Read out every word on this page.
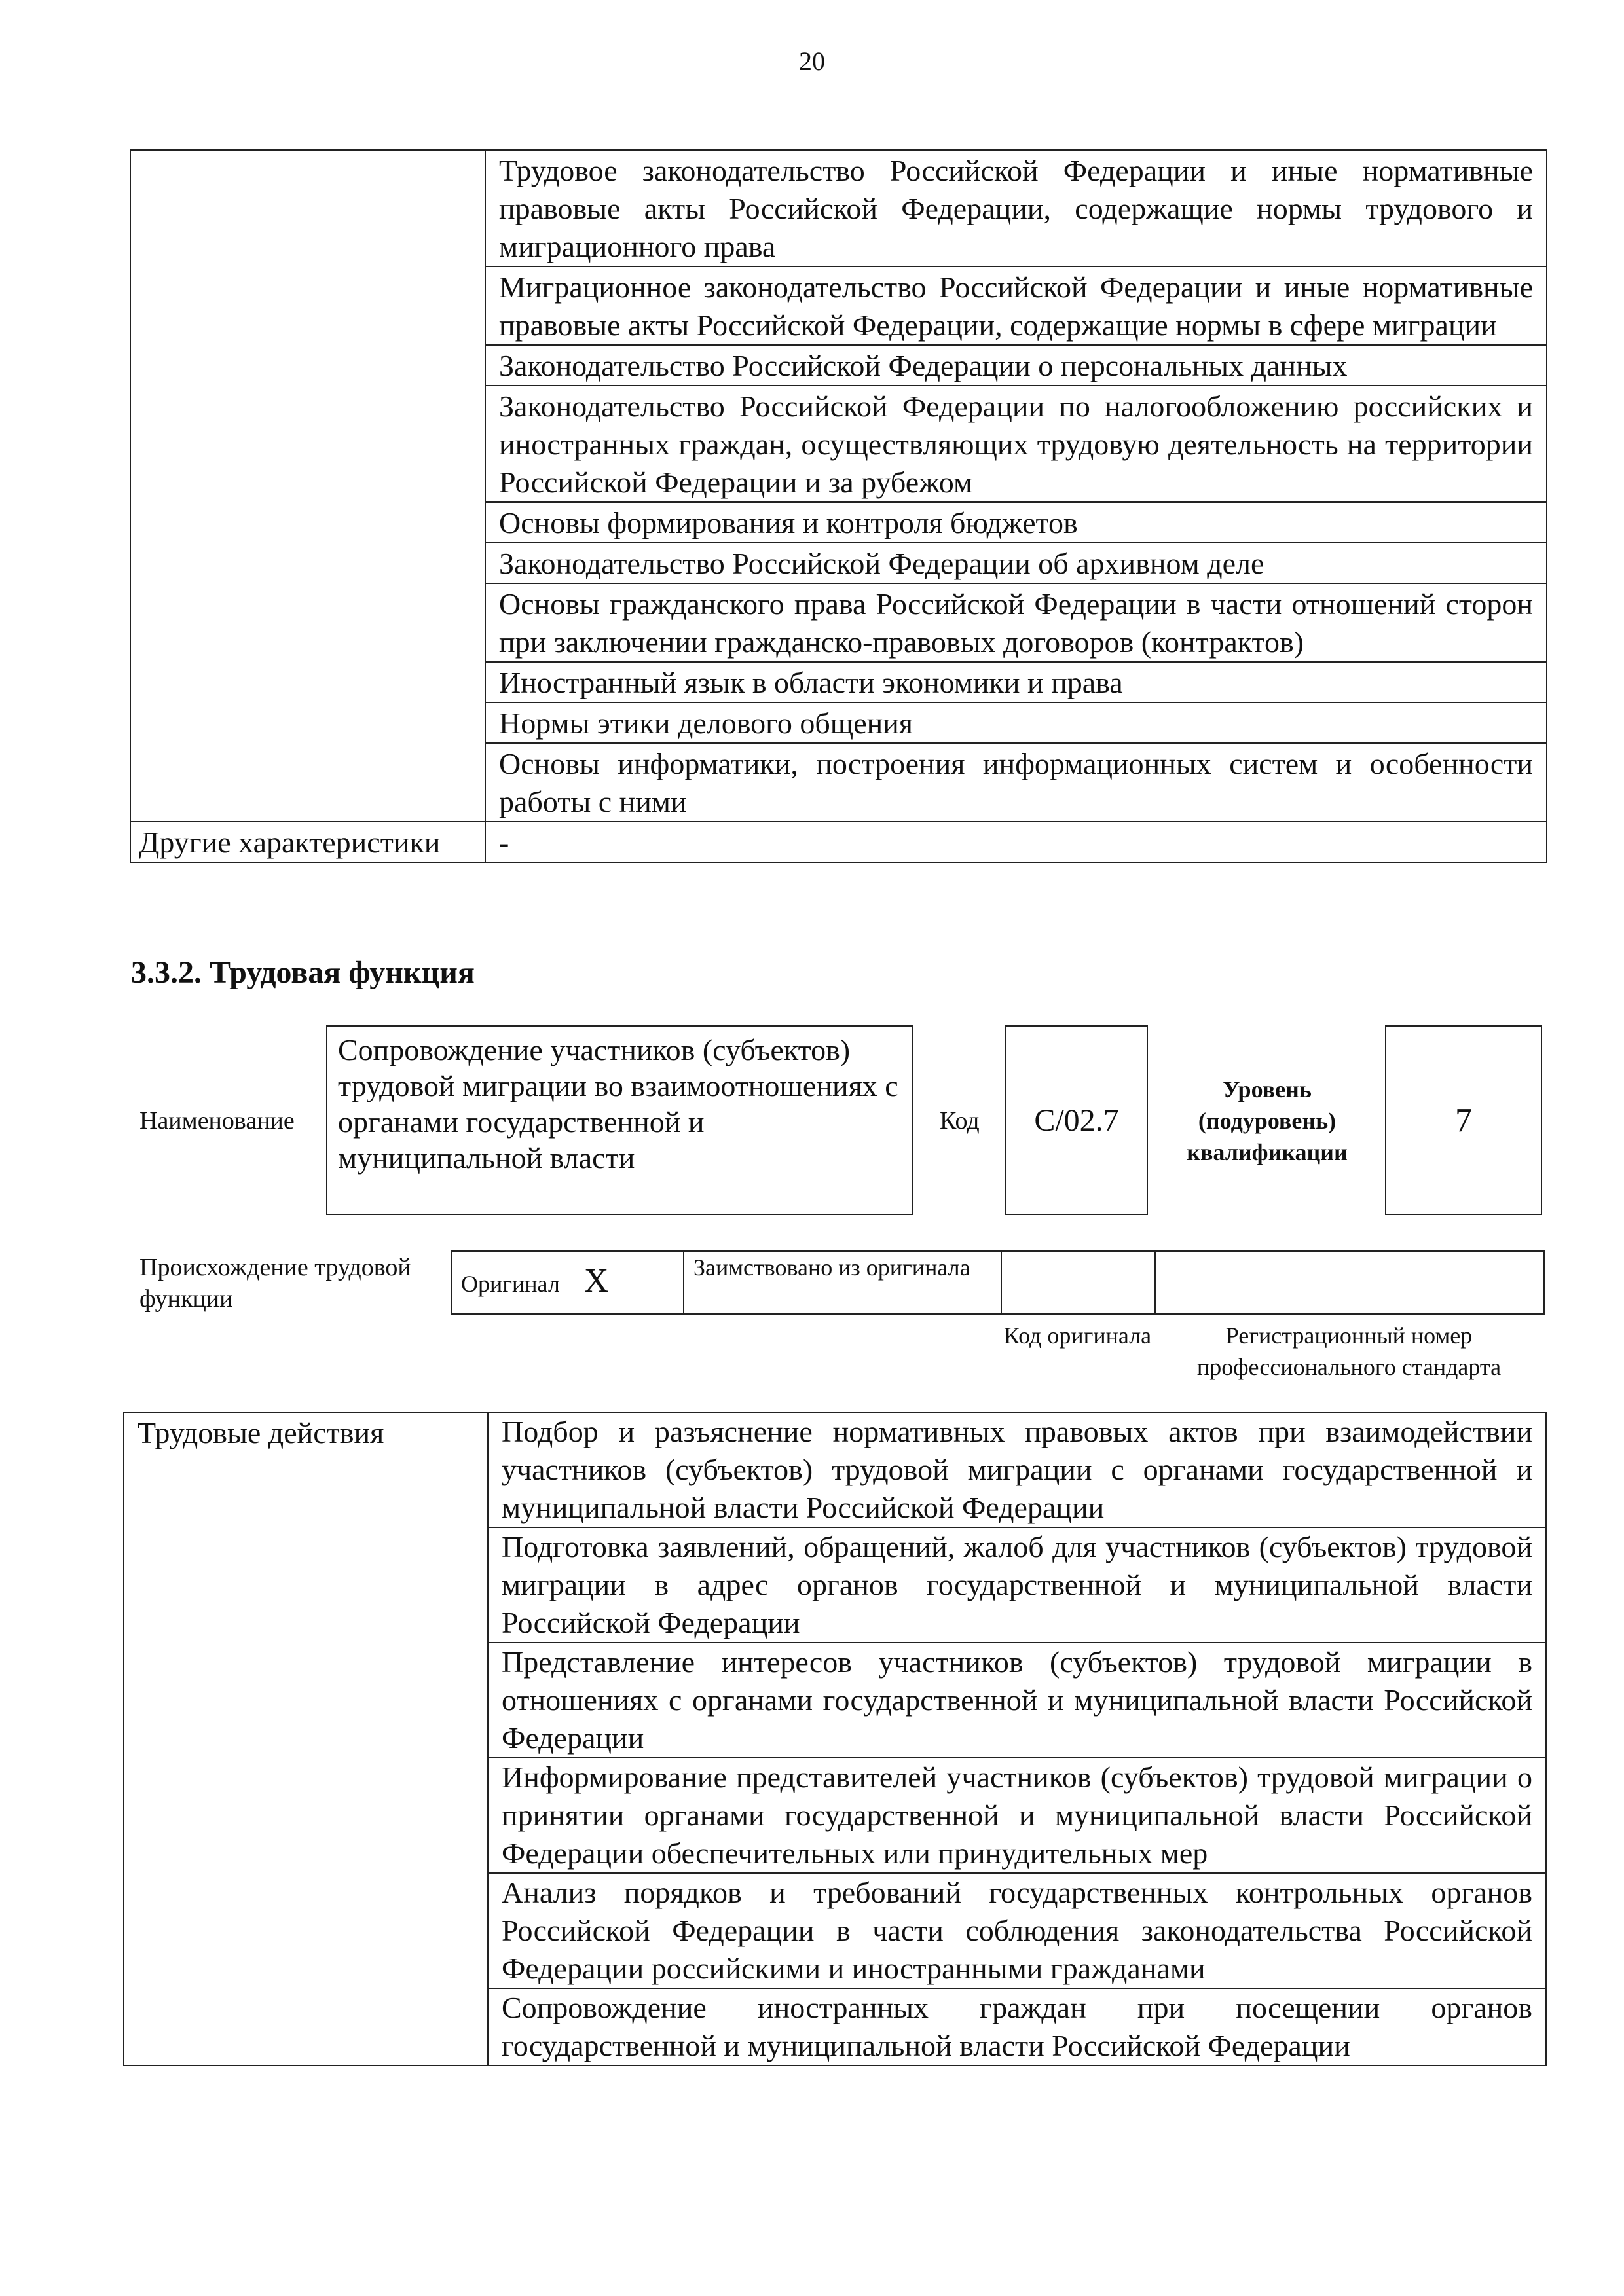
20
	Трудовое законодательство Российской Федерации и иные нормативные правовые акты Российской Федерации, содержащие нормы трудового и миграционного права
	Миграционное законодательство Российской Федерации и иные нормативные правовые акты Российской Федерации, содержащие нормы в сфере миграции
	Законодательство Российской Федерации о персональных данных
	Законодательство Российской Федерации по налогообложению российских и иностранных граждан, осуществляющих трудовую деятельность на территории Российской Федерации и за рубежом
	Основы формирования и контроля бюджетов
	Законодательство Российской Федерации об архивном деле
	Основы гражданского права Российской Федерации в части отношений сторон при заключении гражданско-правовых договоров (контрактов)
	Иностранный язык в области экономики и права
	Нормы этики делового общения
	Основы информатики, построения информационных систем и особенности работы с ними
Другие характеристики	-
3.3.2. Трудовая функция
Наименование
Сопровождение участников (субъектов) трудовой миграции во взаимоотношениях с органами государственной и муниципальной власти
Код С/02.7
Уровень (подуровень) квалификации
7
Происхождение трудовой функции
Оригинал X	Заимствовано из оригинала		
Код оригинала	Регистрационный номер профессионального стандарта
Трудовые действия	Подбор и разъяснение нормативных правовых актов при взаимодействии участников (субъектов) трудовой миграции с органами государственной и муниципальной власти Российской Федерации
Подготовка заявлений, обращений, жалоб для участников (субъектов) трудовой миграции в адрес органов государственной и муниципальной власти Российской Федерации
Представление интересов участников (субъектов) трудовой миграции в отношениях с органами государственной и муниципальной власти Российской Федерации
Информирование представителей участников (субъектов) трудовой миграции о принятии органами государственной и муниципальной власти Российской Федерации обеспечительных или принудительных мер
Анализ порядков и требований государственных контрольных органов Российской Федерации в части соблюдения законодательства Российской Федерации российскими и иностранными гражданами
Сопровождение иностранных граждан при посещении органов государственной и муниципальной власти Российской Федерации
